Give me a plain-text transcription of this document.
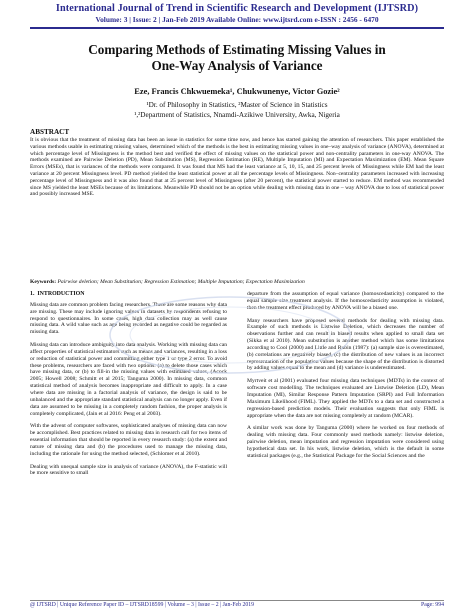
International Journal of Trend in Scientific Research and Development (IJTSRD)
Volume: 3 | Issue: 2 | Jan-Feb 2019 Available Online: www.ijtsrd.com e-ISSN : 2456 - 6470
Comparing Methods of Estimating Missing Values in
One-Way Analysis of Variance
Eze, Francis Chkwuemeka¹, Chukwunenye, Victor Gozie²
¹Dr. of Philosophy in Statistics, ²Master of Science in Statistics
¹,²Department of Statistics, Nnamdi-Azikiwe University, Awka, Nigeria
ABSTRACT

It is obvious that the treatment of missing data has been an issue in statistics for some time now, and hence has started gaining the attention of researchers. This paper established the various methods usable in estimating missing values, determined which of the methods is the best in estimating missing values in one–way analysis of variance (ANOVA), determined at which percentage level of Missingness is the method best and verified the effect of missing values on the statistical power and non-centrality parameters in one-way ANOVA. The methods examined are Pairwise Deletion (PD), Mean Substitution (MS), Regression Estimation (RE), Multiple Imputation (MI) and Expectation Maximization (EM). Mean Square Errors (MSEs), that is variances of the methods were compared. It was found that MS had the least variance at 5, 10, 15, and 25 percent levels of Missingness while EM had the least variance at 20 percent Missingness level. PD method yielded the least statistical power at all the percentage levels of Missingness. Non–centrality parameters increased with increasing percentage level of Missingness and it was also found that at 25 percent level of Missingness (after 20 percent), the statistical power started to reduce. EM method was recommended since MS yielded the least MSEs because of its limitations. Meanwhile PD should not be an option while dealing with missing data in one – way ANOVA due to loss of statistical power and possibly increased MSE.

Keywords: Pairwise deletion; Mean Substitution; Regression Estimation; Multiple Imputation; Expectation Maximization
1.  INTRODUCTION

Missing data are common problem facing researchers. There are some reasons why data are missing. These may include ignoring values in datasets by respondents refusing to respond to questionnaires. In some cases, high data collection may as well cause missing data. A wild value such as age being recorded as negative could be regarded as missing data.

Missing data can introduce ambiguity into data analysis. Working with missing data can affect properties of statistical estimators such as means and variances, resulting in a loss or reduction of statistical power and committing either type 1 or type 2 error. To avoid these problems, researchers are faced with two options: (a) to delete those cases which have missing data, or (b) to fill-in the missing values with estimated values, (Acock 2005; Howell 2008; Schmitt et al 2015; Tanguma 2000). In missing data, common statistical method of analysis becomes inappropriate and difficult to apply. In a case where data are missing in a factorial analysis of variance, the design is said to be unbalanced and the appropriate standard statistical analysis can no longer apply. Even if data are assumed to be missing in a completely random fashion, the proper analysis is completely complicated, (Jain et al 2016: Peng et al 2003).

With the advent of computer softwares, sophisticated analyses of missing data can now be accomplished. Best practices related to missing data in research call for two items of essential information that should be reported in every research study: (a) the extent and nature of missing data and (b) the procedures used to manage the missing data, including the rationale for using the method selected, (Schlomer et al 2010).

Dealing with unequal sample size in analysis of variance (ANOVA), the F-statistic will be more sensitive to small

departure from the assumption of equal variance (homoscedasticity) compared to the equal sample size treatment analysis. If the homoscedasticity assumption is violated, then the treatment effect produced by ANOVA will be a biased one.

Many researchers have proposed several methods for dealing with missing data. Example of such methods is Listwise Deletion, which decreases the number of observations further and can result in biased results when applied to small data set (Sikka et al 2010). Mean substitution is another method which has some limitations according to Cool (2000) and Little and Rubin (1987): (a) sample size is overestimated, (b) correlations are negatively biased, (c) the distribution of new values is an incorrect representation of the population values because the shape of the distribution is distorted by adding values equal to the mean and (d) variance is underestimated.

Myrtveit et al (2001) evaluated four missing data techniques (MDTs) in the context of software cost modelling. The techniques evaluated are Listwise Deletion (LD), Mean Imputation (MI), Similar Response Pattern Imputation (SRPI) and Full Information Maximum Likelihood (FIML). They applied the MDTs to a data set and constructed a regression-based prediction models. Their evaluation suggests that only FIML is appropriate when the data are not missing completely at random (MCAR).

A similar work was done by Tanguma (2000) where he worked on four methods of dealing with missing data. Four commonly used methods namely: listwise deletion, pairwise deletion, mean imputation and regression imputation were considered using hypothetical data set. In his work, listwise deletion, which is the default in some statistical packages (e.g., the Statistical Package for the Social Sciences and the

@ IJTSRD | Unique Reference Paper ID – IJTSRD18599 | Volume – 3 | Issue – 2 | Jan-Feb 2019	Page: 994
